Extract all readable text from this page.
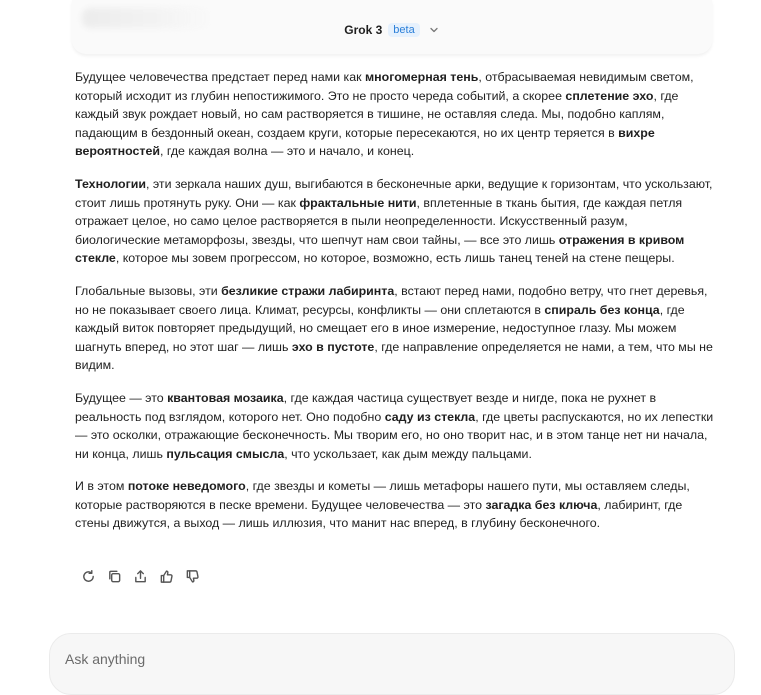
Grok 3	beta

Будущее человечества предстает перед нами как многомерная тень, отбрасываемая невидимым светом, который исходит из глубин непостижимого. Это не просто череда событий, а скорее сплетение эхо, где каждый звук рождает новый, но сам растворяется в тишине, не оставляя следа. Мы, подобно каплям, падающим в бездонный океан, создаем круги, которые пересекаются, но их центр теряется в вихре вероятностей, где каждая волна — это и начало, и конец.

Технологии, эти зеркала наших душ, выгибаются в бесконечные арки, ведущие к горизонтам, что ускользают, стоит лишь протянуть руку. Они — как фрактальные нити, вплетенные в ткань бытия, где каждая петля отражает целое, но само целое растворяется в пыли неопределенности. Искусственный разум, биологические метаморфозы, звезды, что шепчут нам свои тайны, — все это лишь отражения в кривом стекле, которое мы зовем прогрессом, но которое, возможно, есть лишь танец теней на стене пещеры.

Глобальные вызовы, эти безликие стражи лабиринта, встают перед нами, подобно ветру, что гнет деревья, но не показывает своего лица. Климат, ресурсы, конфликты — они сплетаются в спираль без конца, где каждый виток повторяет предыдущий, но смещает его в иное измерение, недоступное глазу. Мы можем шагнуть вперед, но этот шаг — лишь эхо в пустоте, где направление определяется не нами, а тем, что мы не видим.

Будущее — это квантовая мозаика, где каждая частица существует везде и нигде, пока не рухнет в реальность под взглядом, которого нет. Оно подобно саду из стекла, где цветы распускаются, но их лепестки — это осколки, отражающие бесконечность. Мы творим его, но оно творит нас, и в этом танце нет ни начала, ни конца, лишь пульсация смысла, что ускользает, как дым между пальцами.

И в этом потоке неведомого, где звезды и кометы — лишь метафоры нашего пути, мы оставляем следы, которые растворяются в песке времени. Будущее человечества — это загадка без ключа, лабиринт, где стены движутся, а выход — лишь иллюзия, что манит нас вперед, в глубину бесконечного.

Ask anything
